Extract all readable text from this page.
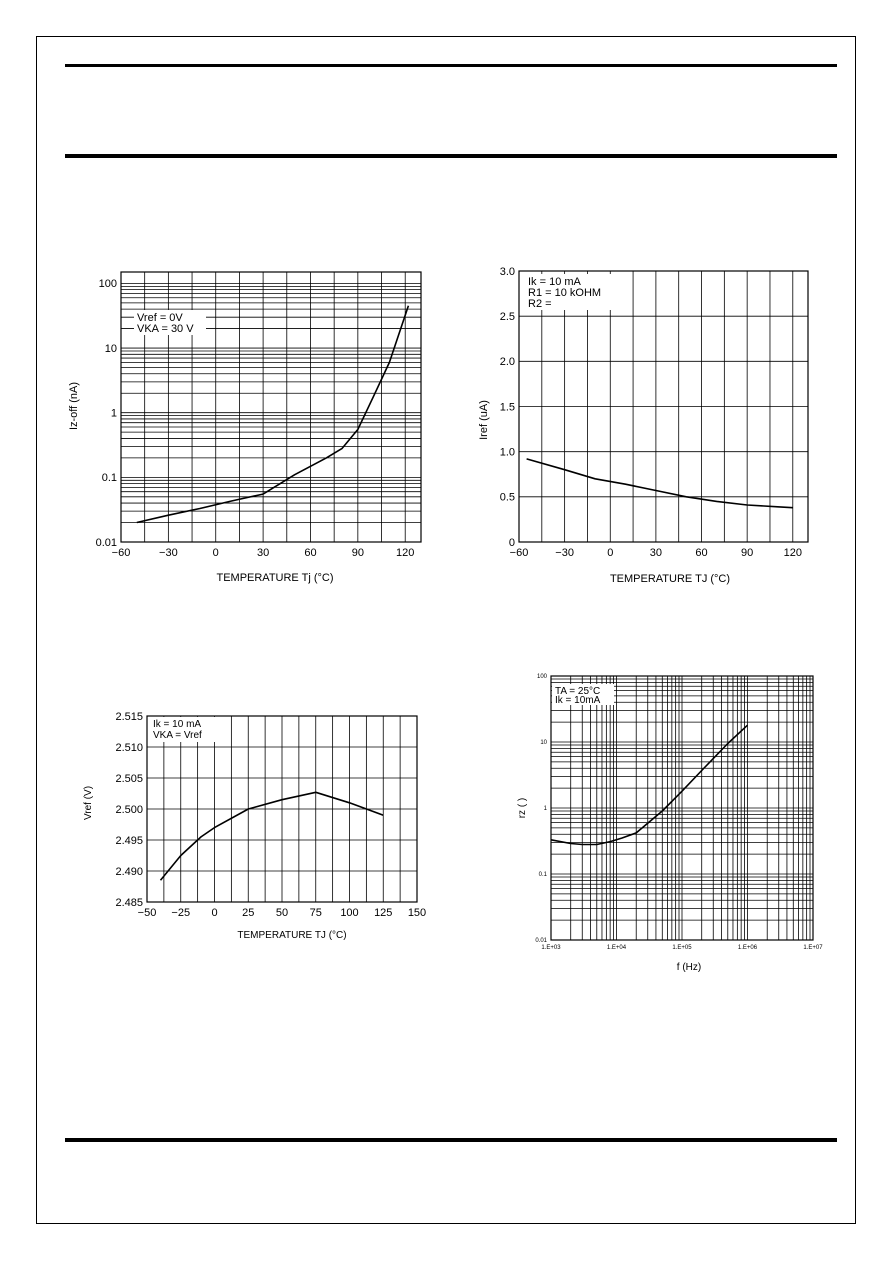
−60	−30	0	30	60	90	120
0.01
0.1
1
10
100
TEMPERATURE Tj (°C)
Iz-off (nA)
Vref = 0V
VKA = 30 V
−60 −30	0	30	60	90	120
0
0.5
1.0
1.5
2.0
2.5
3.0
TEMPERATURE TJ (°C)
Iref (uA)
Ik = 10 mA
R1 = 10 kOHM
R2 =
−50 −25 0 25 50 75 100 125 150
2.485
2.490
2.495
2.500
2.505
2.510
2.515
TEMPERATURE TJ (°C)
Vref (V)
Ik = 10 mA
VKA = Vref
1.E+03	1.E+04	1.E+05	1.E+06	1.E+07
0.01
0.1
1
10
100
f (Hz)
rz ( )
TA = 25°C
Ik = 10mA
